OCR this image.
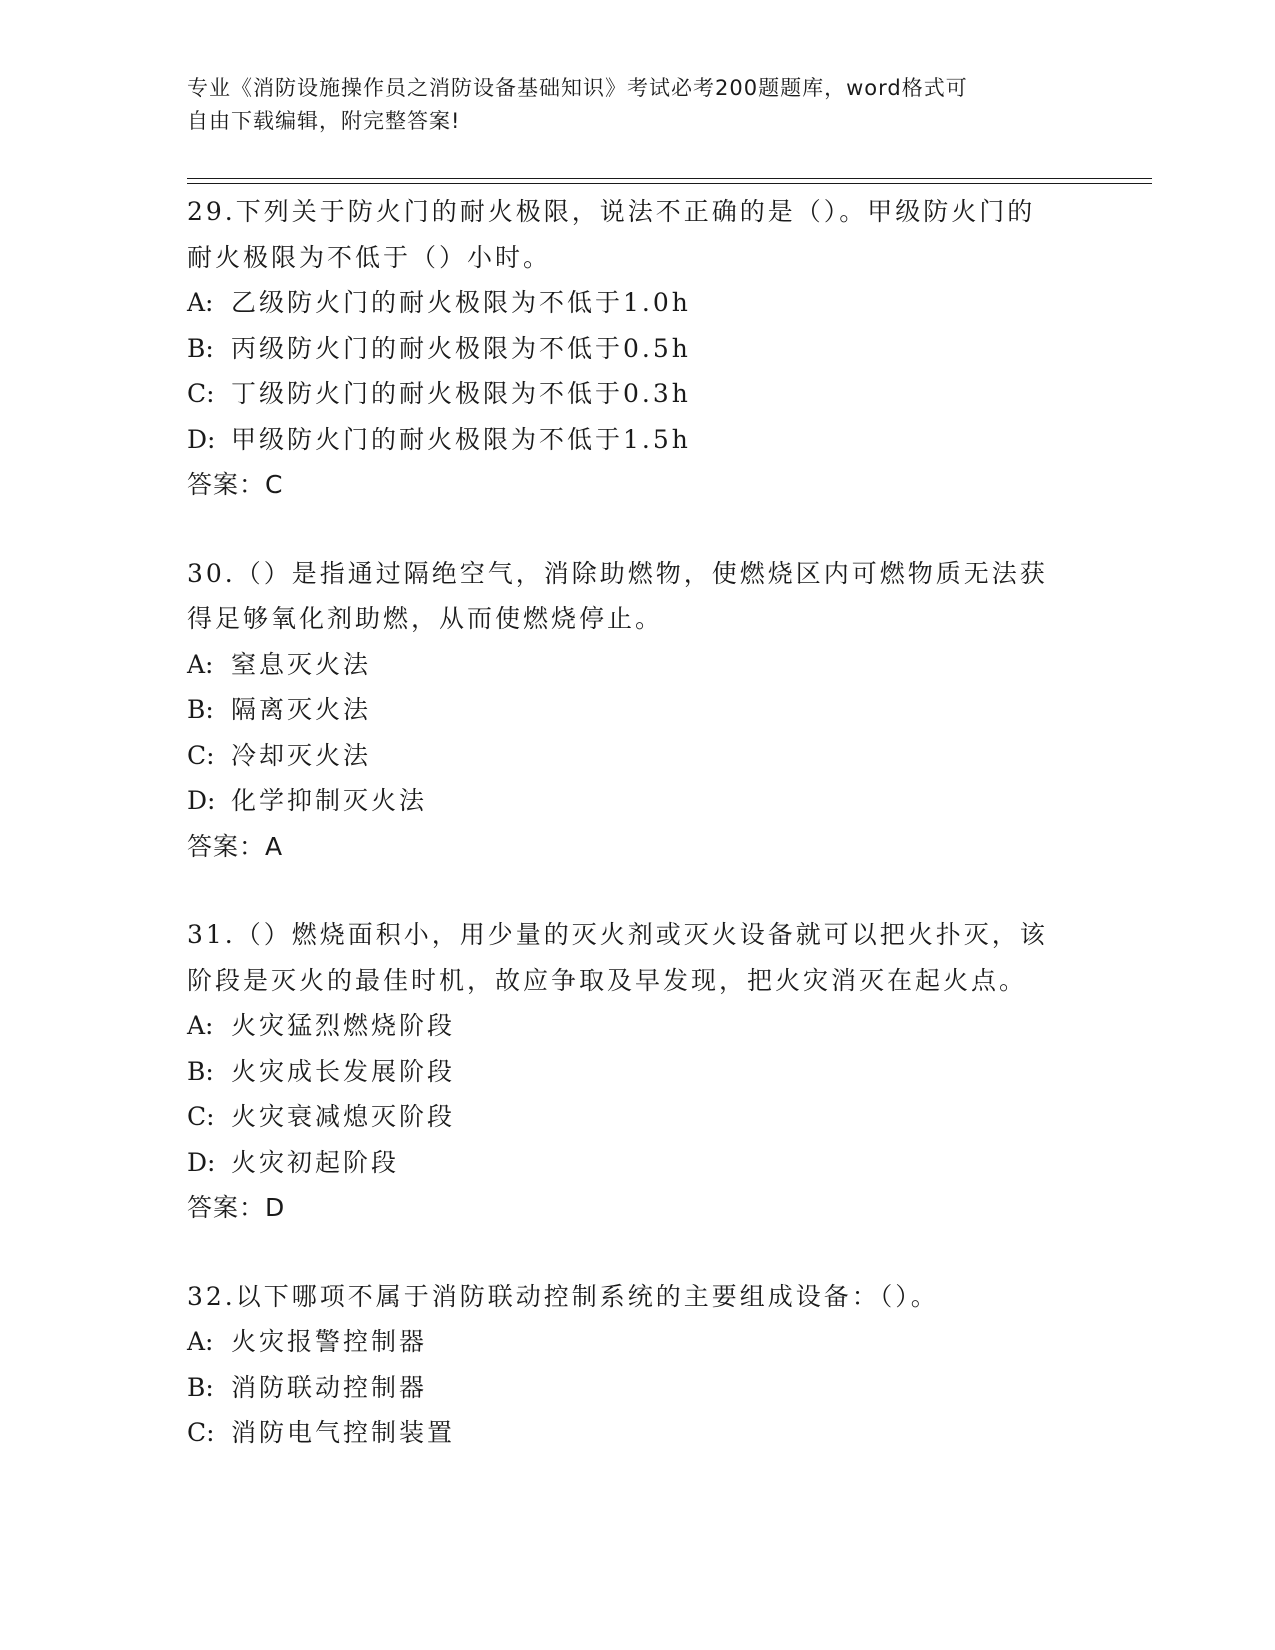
专业《消防设施操作员之消防设备基础知识》考试必考200题题库，word格式可
自由下载编辑，附完整答案!
29.下列关于防火门的耐火极限，说法不正确的是（）。甲级防火门的
耐火极限为不低于（）小时。
A: 乙级防火门的耐火极限为不低于1.0h
B: 丙级防火门的耐火极限为不低于0.5h
C: 丁级防火门的耐火极限为不低于0.3h
D: 甲级防火门的耐火极限为不低于1.5h
答案：C
30.（）是指通过隔绝空气，消除助燃物，使燃烧区内可燃物质无法获
得足够氧化剂助燃，从而使燃烧停止。
A: 窒息灭火法
B: 隔离灭火法
C: 冷却灭火法
D: 化学抑制灭火法
答案：A
31.（）燃烧面积小，用少量的灭火剂或灭火设备就可以把火扑灭，该
阶段是灭火的最佳时机，故应争取及早发现，把火灾消灭在起火点。
A: 火灾猛烈燃烧阶段
B: 火灾成长发展阶段
C: 火灾衰减熄灭阶段
D: 火灾初起阶段
答案：D
32.以下哪项不属于消防联动控制系统的主要组成设备：（）。
A: 火灾报警控制器
B: 消防联动控制器
C: 消防电气控制装置
